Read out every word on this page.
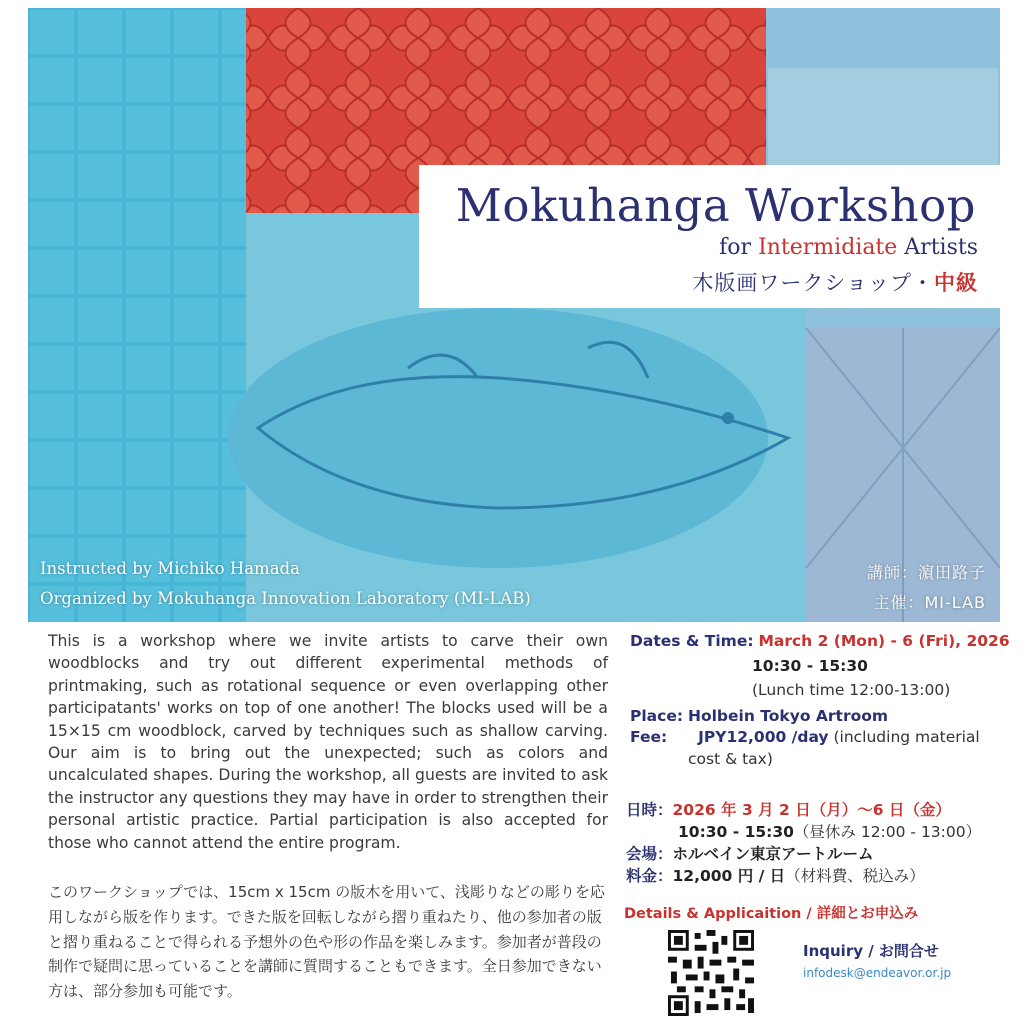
Instructed by Michiko Hamada
Organized by Mokuhanga Innovation Laboratory (MI-LAB)
講師：濵田路子
主催：MI-LAB
Mokuhanga Workshop
for Intermidiate Artists
木版画ワークショップ・中級
This is a workshop where we invite artists to carve their own woodblocks and try out different experimental methods of printmaking, such as rotational sequence or even overlapping other participatants' works on top of one another! The blocks used will be a 15×15 cm woodblock, carved by techniques such as shallow carving. Our aim is to bring out the unexpected; such as colors and uncalculated shapes. During the workshop, all guests are invited to ask the instructor any questions they may have in order to strengthen their personal artistic practice. Partial participation is also accepted for those who cannot attend the entire program.
このワークショップでは、15cm x 15cm の版木を用いて、浅彫りなどの彫りを応用しながら版を作ります。できた版を回転しながら摺り重ねたり、他の参加者の版と摺り重ねることで得られる予想外の色や形の作品を楽しみます。参加者が普段の制作で疑問に思っていることを講師に質問することもできます。全日参加できない方は、部分参加も可能です。
Dates & Time: March 2 (Mon) - 6 (Fri), 2026
10:30 - 15:30
(Lunch time 12:00-13:00)
Place: Holbein Tokyo Artroom
Fee: JPY12,000 /day (including material
cost & tax)
日時：2026 年 3 月 2 日（月）～6 日（金）
10:30 - 15:30（昼休み 12:00 - 13:00）
会場：ホルベイン東京アートルーム
料金：12,000 円 / 日（材料費、税込み）
Details & Applicaition / 詳細とお申込み
Inquiry / お問合せ
infodesk@endeavor.or.jp
